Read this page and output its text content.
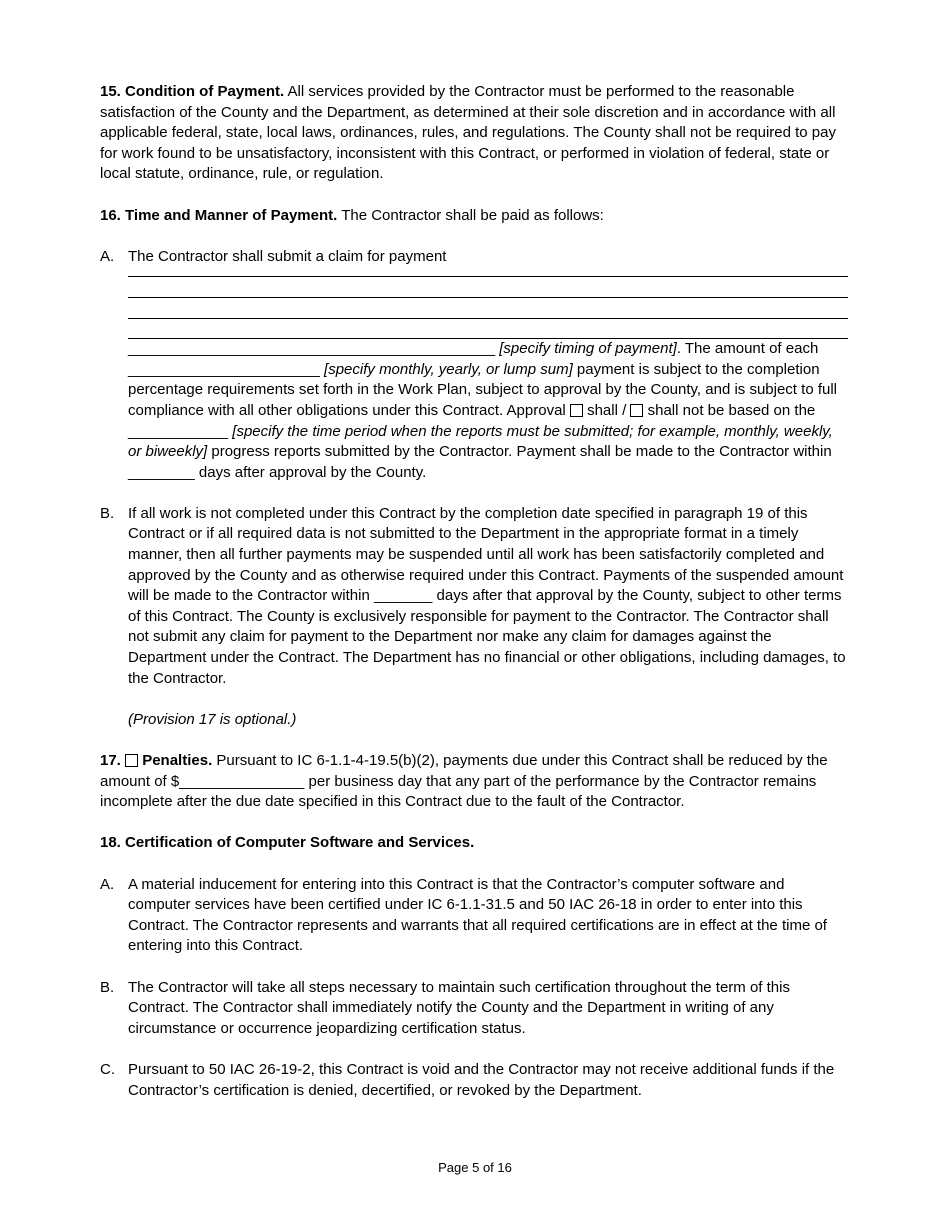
15. Condition of Payment. All services provided by the Contractor must be performed to the reasonable satisfaction of the County and the Department, as determined at their sole discretion and in accordance with all applicable federal, state, local laws, ordinances, rules, and regulations. The County shall not be required to pay for work found to be unsatisfactory, inconsistent with this Contract, or performed in violation of federal, state or local statute, ordinance, rule, or regulation.

16. Time and Manner of Payment. The Contractor shall be paid as follows:

A. The Contractor shall submit a claim for payment

____________________________________________ [specify timing of payment]. The amount of each _______________________ [specify monthly, yearly, or lump sum] payment is subject to the completion percentage requirements set forth in the Work Plan, subject to approval by the County, and is subject to full compliance with all other obligations under this Contract. Approval shall / shall not be based on the ____________ [specify the time period when the reports must be submitted; for example, monthly, weekly, or biweekly] progress reports submitted by the Contractor. Payment shall be made to the Contractor within ________ days after approval by the County.

B. If all work is not completed under this Contract by the completion date specified in paragraph 19 of this Contract or if all required data is not submitted to the Department in the appropriate format in a timely manner, then all further payments may be suspended until all work has been satisfactorily completed and approved by the County and as otherwise required under this Contract. Payments of the suspended amount will be made to the Contractor within _______ days after that approval by the County, subject to other terms of this Contract. The County is exclusively responsible for payment to the Contractor. The Contractor shall not submit any claim for payment to the Department nor make any claim for damages against the Department under the Contract. The Department has no financial or other obligations, including damages, to the Contractor.

(Provision 17 is optional.)

17. Penalties. Pursuant to IC 6-1.1-4-19.5(b)(2), payments due under this Contract shall be reduced by the amount of $_______________ per business day that any part of the performance by the Contractor remains incomplete after the due date specified in this Contract due to the fault of the Contractor.

18. Certification of Computer Software and Services.

A. A material inducement for entering into this Contract is that the Contractor’s computer software and computer services have been certified under IC 6-1.1-31.5 and 50 IAC 26-18 in order to enter into this Contract. The Contractor represents and warrants that all required certifications are in effect at the time of entering into this Contract.

B. The Contractor will take all steps necessary to maintain such certification throughout the term of this Contract. The Contractor shall immediately notify the County and the Department in writing of any circumstance or occurrence jeopardizing certification status.

C. Pursuant to 50 IAC 26-19-2, this Contract is void and the Contractor may not receive additional funds if the Contractor’s certification is denied, decertified, or revoked by the Department.

Page 5 of 16
